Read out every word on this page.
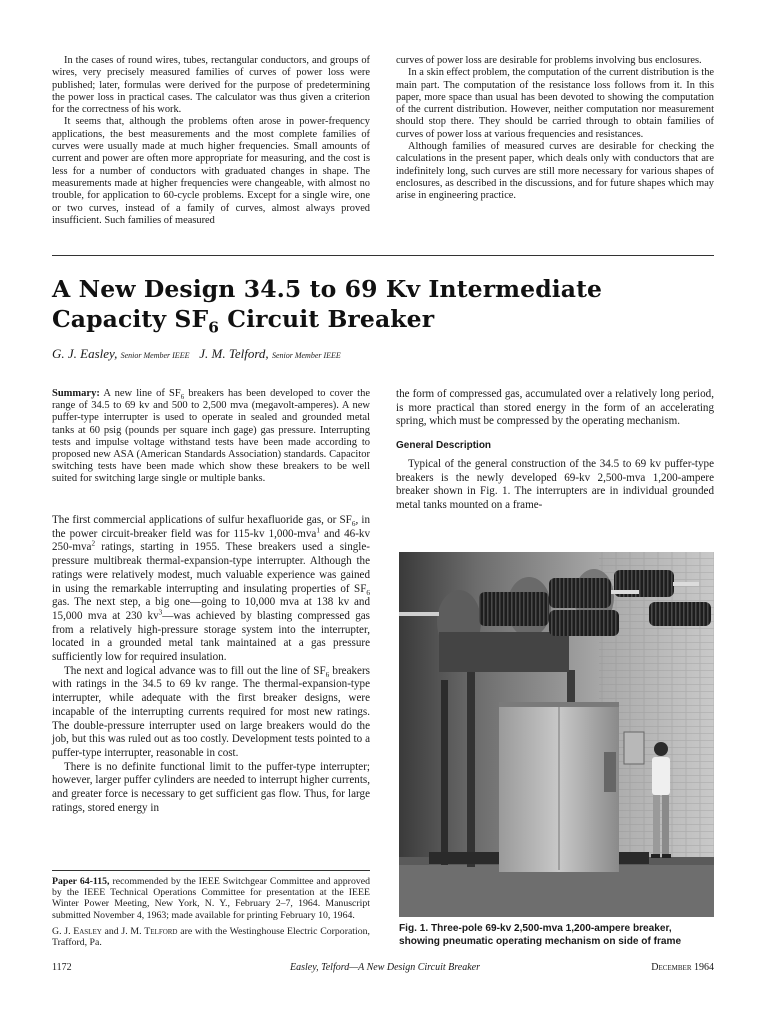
In the cases of round wires, tubes, rectangular conductors, and groups of wires, very precisely measured families of curves of power loss were published; later, formulas were derived for the purpose of predetermining the power loss in practical cases. The calculator was thus given a criterion for the correctness of his work.

It seems that, although the problems often arose in power-frequency applications, the best measurements and the most complete families of curves were usually made at much higher frequencies. Small amounts of current and power are often more appropriate for measuring, and the cost is less for a number of conductors with graduated changes in shape. The measurements made at higher frequencies were changeable, with almost no trouble, for application to 60-cycle problems. Except for a single wire, one or two curves, instead of a family of curves, almost always proved insufficient. Such families of measured

curves of power loss are desirable for problems involving bus enclosures.

In a skin effect problem, the computation of the current distribution is the main part. The computation of the resistance loss follows from it. In this paper, more space than usual has been devoted to showing the computation of the current distribution. However, neither computation nor measurement should stop there. They should be carried through to obtain families of curves of power loss at various frequencies and resistances.

Although families of measured curves are desirable for checking the calculations in the present paper, which deals only with conductors that are indefinitely long, such curves are still more necessary for various shapes of enclosures, as described in the discussions, and for future shapes which may arise in engineering practice.

A New Design 34.5 to 69 Kv Intermediate
Capacity $SF_6$ Circuit Breaker
G. J. Easley, Senior Member IEEE J. M. Telford, Senior Member IEEE
Summary: A new line of $SF_6$ breakers has been developed to cover the range of 34.5 to 69 kv and 500 to 2,500 mva (megavolt-amperes). A new puffer-type interrupter is used to operate in sealed and grounded metal tanks at 60 psig (pounds per square inch gage) gas pressure. Interrupting tests and impulse voltage withstand tests have been made according to proposed new ASA (American Standards Association) standards. Capacitor switching tests have been made which show these breakers to be well suited for switching large single or multiple banks.

The first commercial applications of sulfur hexafluoride gas, or $SF_6$, in the power circuit-breaker field was for 115-kv 1,000-mva$^1$ and 46-kv 250-mva$^2$ ratings, starting in 1955. These breakers used a single-pressure multibreak thermal-expansion-type interrupter. Although the ratings were relatively modest, much valuable experience was gained in using the remarkable interrupting and insulating properties of $SF_6$ gas. The next step, a big one—going to 10,000 mva at 138 kv and 15,000 mva at 230 $kv^3—was$ achieved by blasting compressed gas from a relatively high-pressure storage system into the interrupter, located in a grounded metal tank maintained at a gas pressure sufficiently low for required insulation.

The next and logical advance was to fill out the line of $SF_6$ breakers with ratings in the 34.5 to 69 kv range. The thermal-expansion-type interrupter, while adequate with the first breaker designs, were incapable of the interrupting currents required for most new ratings. The double-pressure interrupter used on large breakers would do the job, but this was ruled out as too costly. Development tests pointed to a puffer-type interrupter, reasonable in cost.

There is no definite functional limit to the puffer-type interrupter; however, larger puffer cylinders are needed to interrupt higher currents, and greater force is necessary to get sufficient gas flow. Thus, for large ratings, stored energy in

the form of compressed gas, accumulated over a relatively long period, is more practical than stored energy in the form of an accelerating spring, which must be compressed by the operating mechanism.

General Description

Typical of the general construction of the 34.5 to 69 kv puffer-type breakers is the newly developed 69-kv 2,500-mva 1,200-ampere breaker shown in Fig. 1. The interrupters are in individual grounded metal tanks mounted on a frame-

Fig. 1. Three-pole 69-kv 2,500-mva 1,200-ampere breaker,
showing pneumatic operating mechanism on side of frame

Paper 64-115, recommended by the IEEE Switchgear Committee and approved by the IEEE Technical Operations Committee for presentation at the IEEE Winter Power Meeting, New York, N. Y., February 2–7, 1964. Manuscript submitted November 4, 1963; made available for printing February 10, 1964.

G. J. Easley and J. M. Telford are with the Westinghouse Electric Corporation, Trafford, Pa.

1172	Easley, Telford—A New Design Circuit Breaker	December 1964
